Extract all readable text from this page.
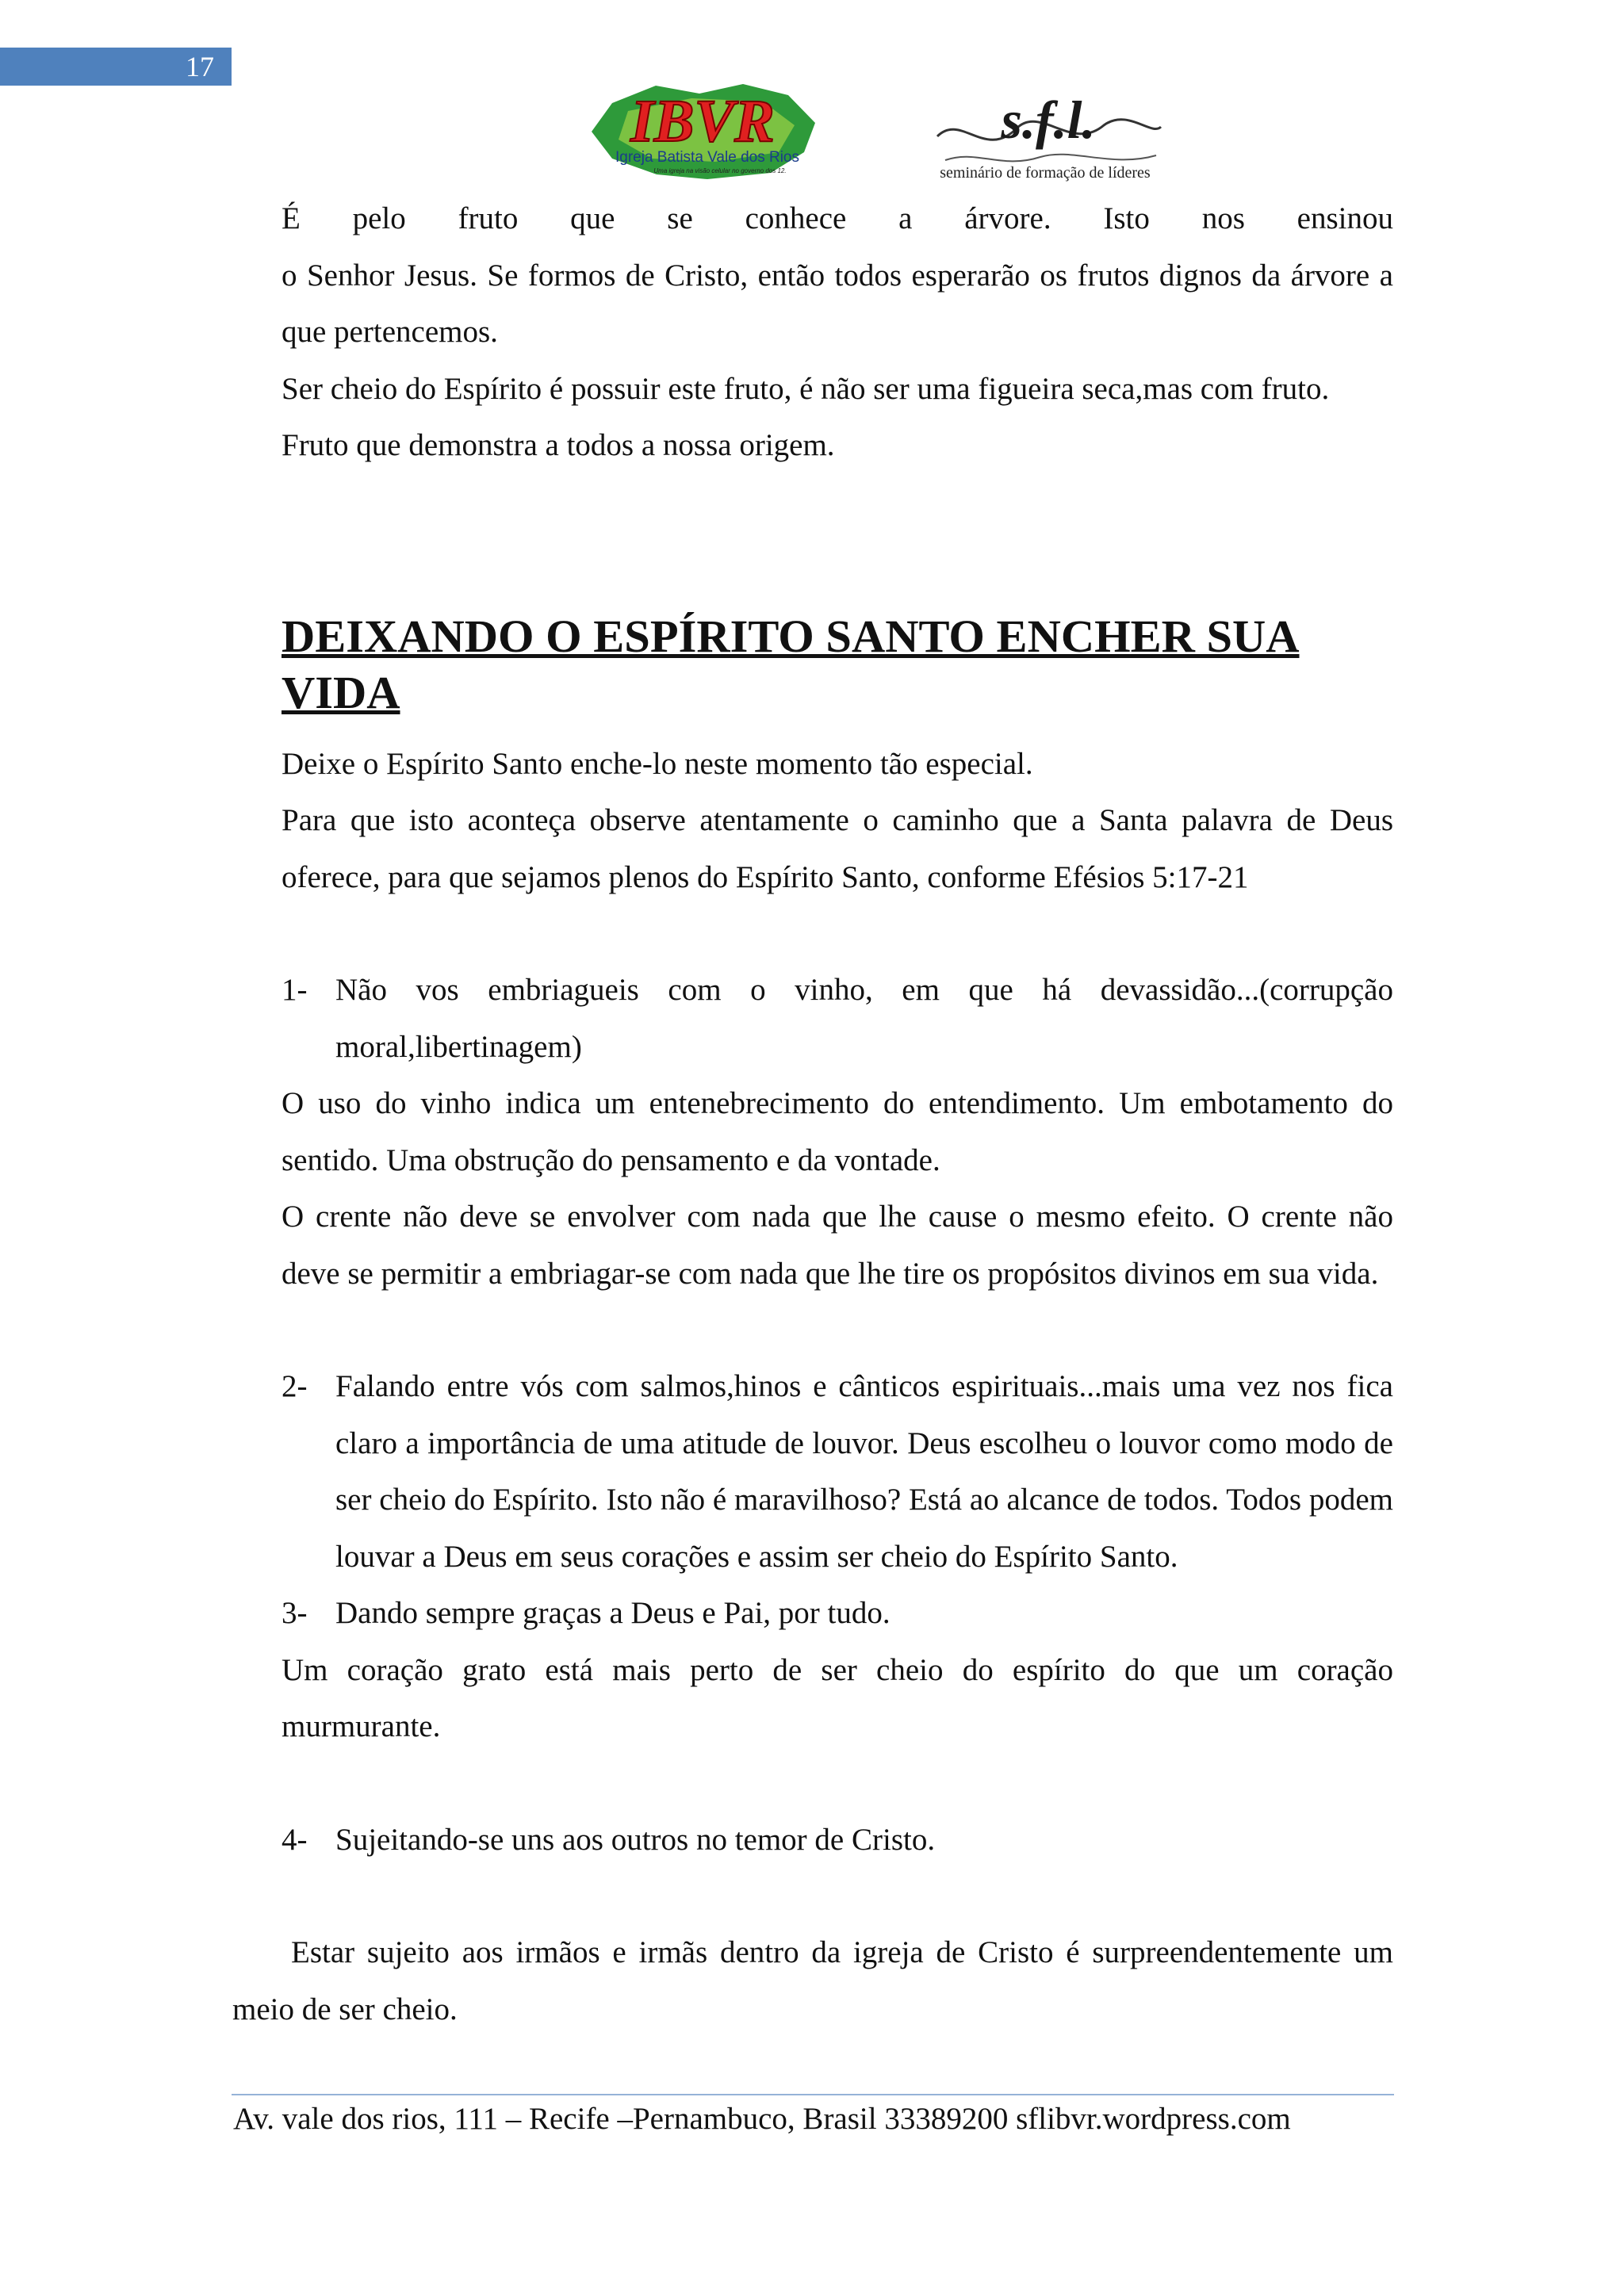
17
IBVR
Igreja Batista Vale dos Rios
Uma igreja na visão celular no governo dos 12.
s.f.l.
seminário de formação de líderes

É pelo fruto que se conhece a árvore. Isto nos ensinou

o Senhor Jesus. Se formos de Cristo, então todos esperarão os frutos dignos da árvore a que pertencemos.

Ser cheio do Espírito é possuir este fruto, é não ser uma figueira seca,mas com fruto.

Fruto que demonstra a todos a nossa origem.

DEIXANDO O ESPÍRITO SANTO ENCHER SUA VIDA

Deixe o Espírito Santo enche-lo neste momento tão especial.

Para que isto aconteça observe atentamente o caminho que a Santa palavra de Deus oferece, para que sejamos plenos do Espírito Santo, conforme Efésios 5:17-21

1- Não vos embriagueis com o vinho, em que há devassidão...(corrupção moral,libertinagem)

O uso do vinho indica um entenebrecimento do entendimento. Um embotamento do sentido. Uma obstrução do pensamento e da vontade.

O crente não deve se envolver com nada que lhe cause o mesmo efeito. O crente não deve se permitir a embriagar-se com nada que lhe tire os propósitos divinos em sua vida.

2- Falando entre vós com salmos,hinos e cânticos espirituais...mais uma vez nos fica claro a importância de uma atitude de louvor. Deus escolheu o louvor como modo de ser cheio do Espírito. Isto não é maravilhoso? Está ao alcance de todos. Todos podem louvar a Deus em seus corações e assim ser cheio do Espírito Santo.
3- Dando sempre graças a Deus e Pai, por tudo.

Um coração grato está mais perto de ser cheio do espírito do que um coração murmurante.

4- Sujeitando-se uns aos outros no temor de Cristo.

Estar sujeito aos irmãos e irmãs dentro da igreja de Cristo é surpreendentemente um meio de ser cheio.

Av. vale dos rios, 111 – Recife –Pernambuco, Brasil 33389200 sflibvr.wordpress.com
